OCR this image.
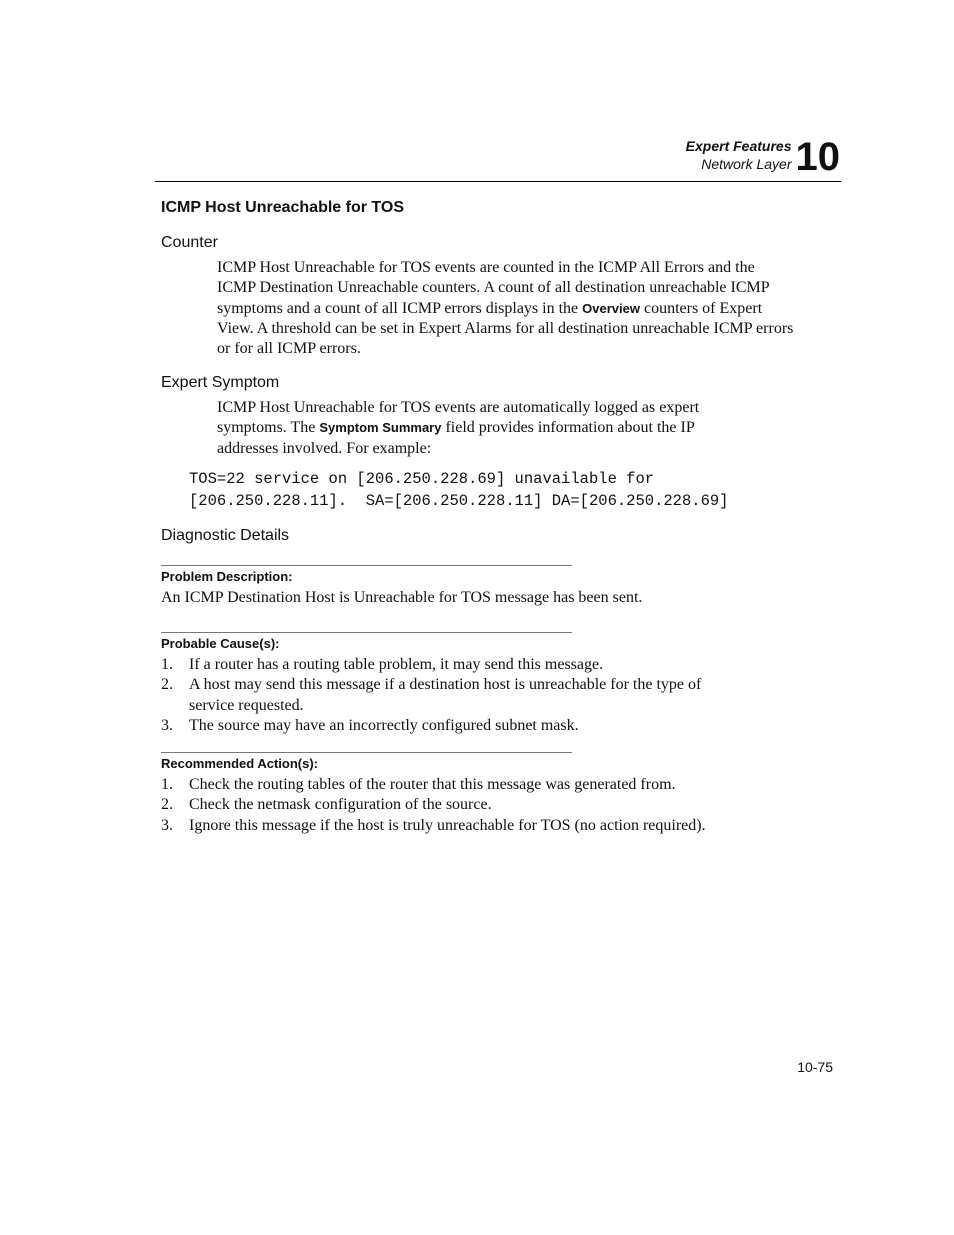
Expert Features
Network Layer 10
ICMP Host Unreachable for TOS
Counter
ICMP Host Unreachable for TOS events are counted in the ICMP All Errors and the ICMP Destination Unreachable counters. A count of all destination unreachable ICMP symptoms and a count of all ICMP errors displays in the Overview counters of Expert View. A threshold can be set in Expert Alarms for all destination unreachable ICMP errors or for all ICMP errors.
Expert Symptom
ICMP Host Unreachable for TOS events are automatically logged as expert symptoms. The Symptom Summary field provides information about the IP addresses involved. For example:
TOS=22 service on [206.250.228.69] unavailable for
[206.250.228.11].  SA=[206.250.228.11] DA=[206.250.228.69]
Diagnostic Details
Problem Description:
An ICMP Destination Host is Unreachable for TOS message has been sent.
Probable Cause(s):
1. If a router has a routing table problem, it may send this message.
2. A host may send this message if a destination host is unreachable for the type of service requested.
3. The source may have an incorrectly configured subnet mask.
Recommended Action(s):
1. Check the routing tables of the router that this message was generated from.
2. Check the netmask configuration of the source.
3. Ignore this message if the host is truly unreachable for TOS (no action required).
10-75
